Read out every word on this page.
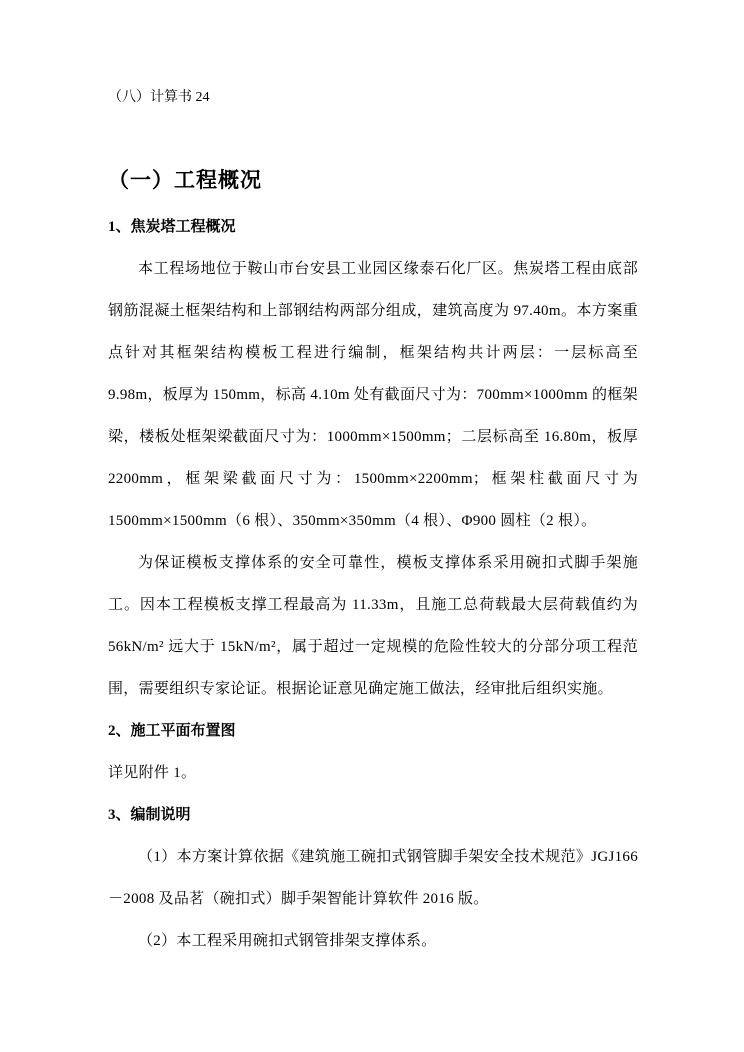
（八）计算书 24

（一）工程概况
1、焦炭塔工程概况

本工程场地位于鞍山市台安县工业园区缘泰石化厂区。焦炭塔工程由底部钢筋混凝土框架结构和上部钢结构两部分组成，建筑高度为 97.40m。本方案重点针对其框架结构模板工程进行编制，框架结构共计两层：一层标高至 9.98m，板厚为 150mm，标高 4.10m 处有截面尺寸为：700mm×1000mm 的框架梁，楼板处框架梁截面尺寸为：1000mm×1500mm；二层标高至 16.80m，板厚 2200mm，框架梁截面尺寸为：1500mm×2200mm；框架柱截面尺寸为 1500mm×1500mm（6 根）、350mm×350mm（4 根）、Φ900 圆柱（2 根）。

为保证模板支撑体系的安全可靠性，模板支撑体系采用碗扣式脚手架施工。因本工程模板支撑工程最高为 11.33m，且施工总荷载最大层荷载值约为 56kN/m² 远大于 15kN/m²，属于超过一定规模的危险性较大的分部分项工程范围，需要组织专家论证。根据论证意见确定施工做法，经审批后组织实施。

2、施工平面布置图

详见附件 1。

3、编制说明

（1）本方案计算依据《建筑施工碗扣式钢管脚手架安全技术规范》JGJ166－2008 及品茗（碗扣式）脚手架智能计算软件 2016 版。

（2）本工程采用碗扣式钢管排架支撑体系。
